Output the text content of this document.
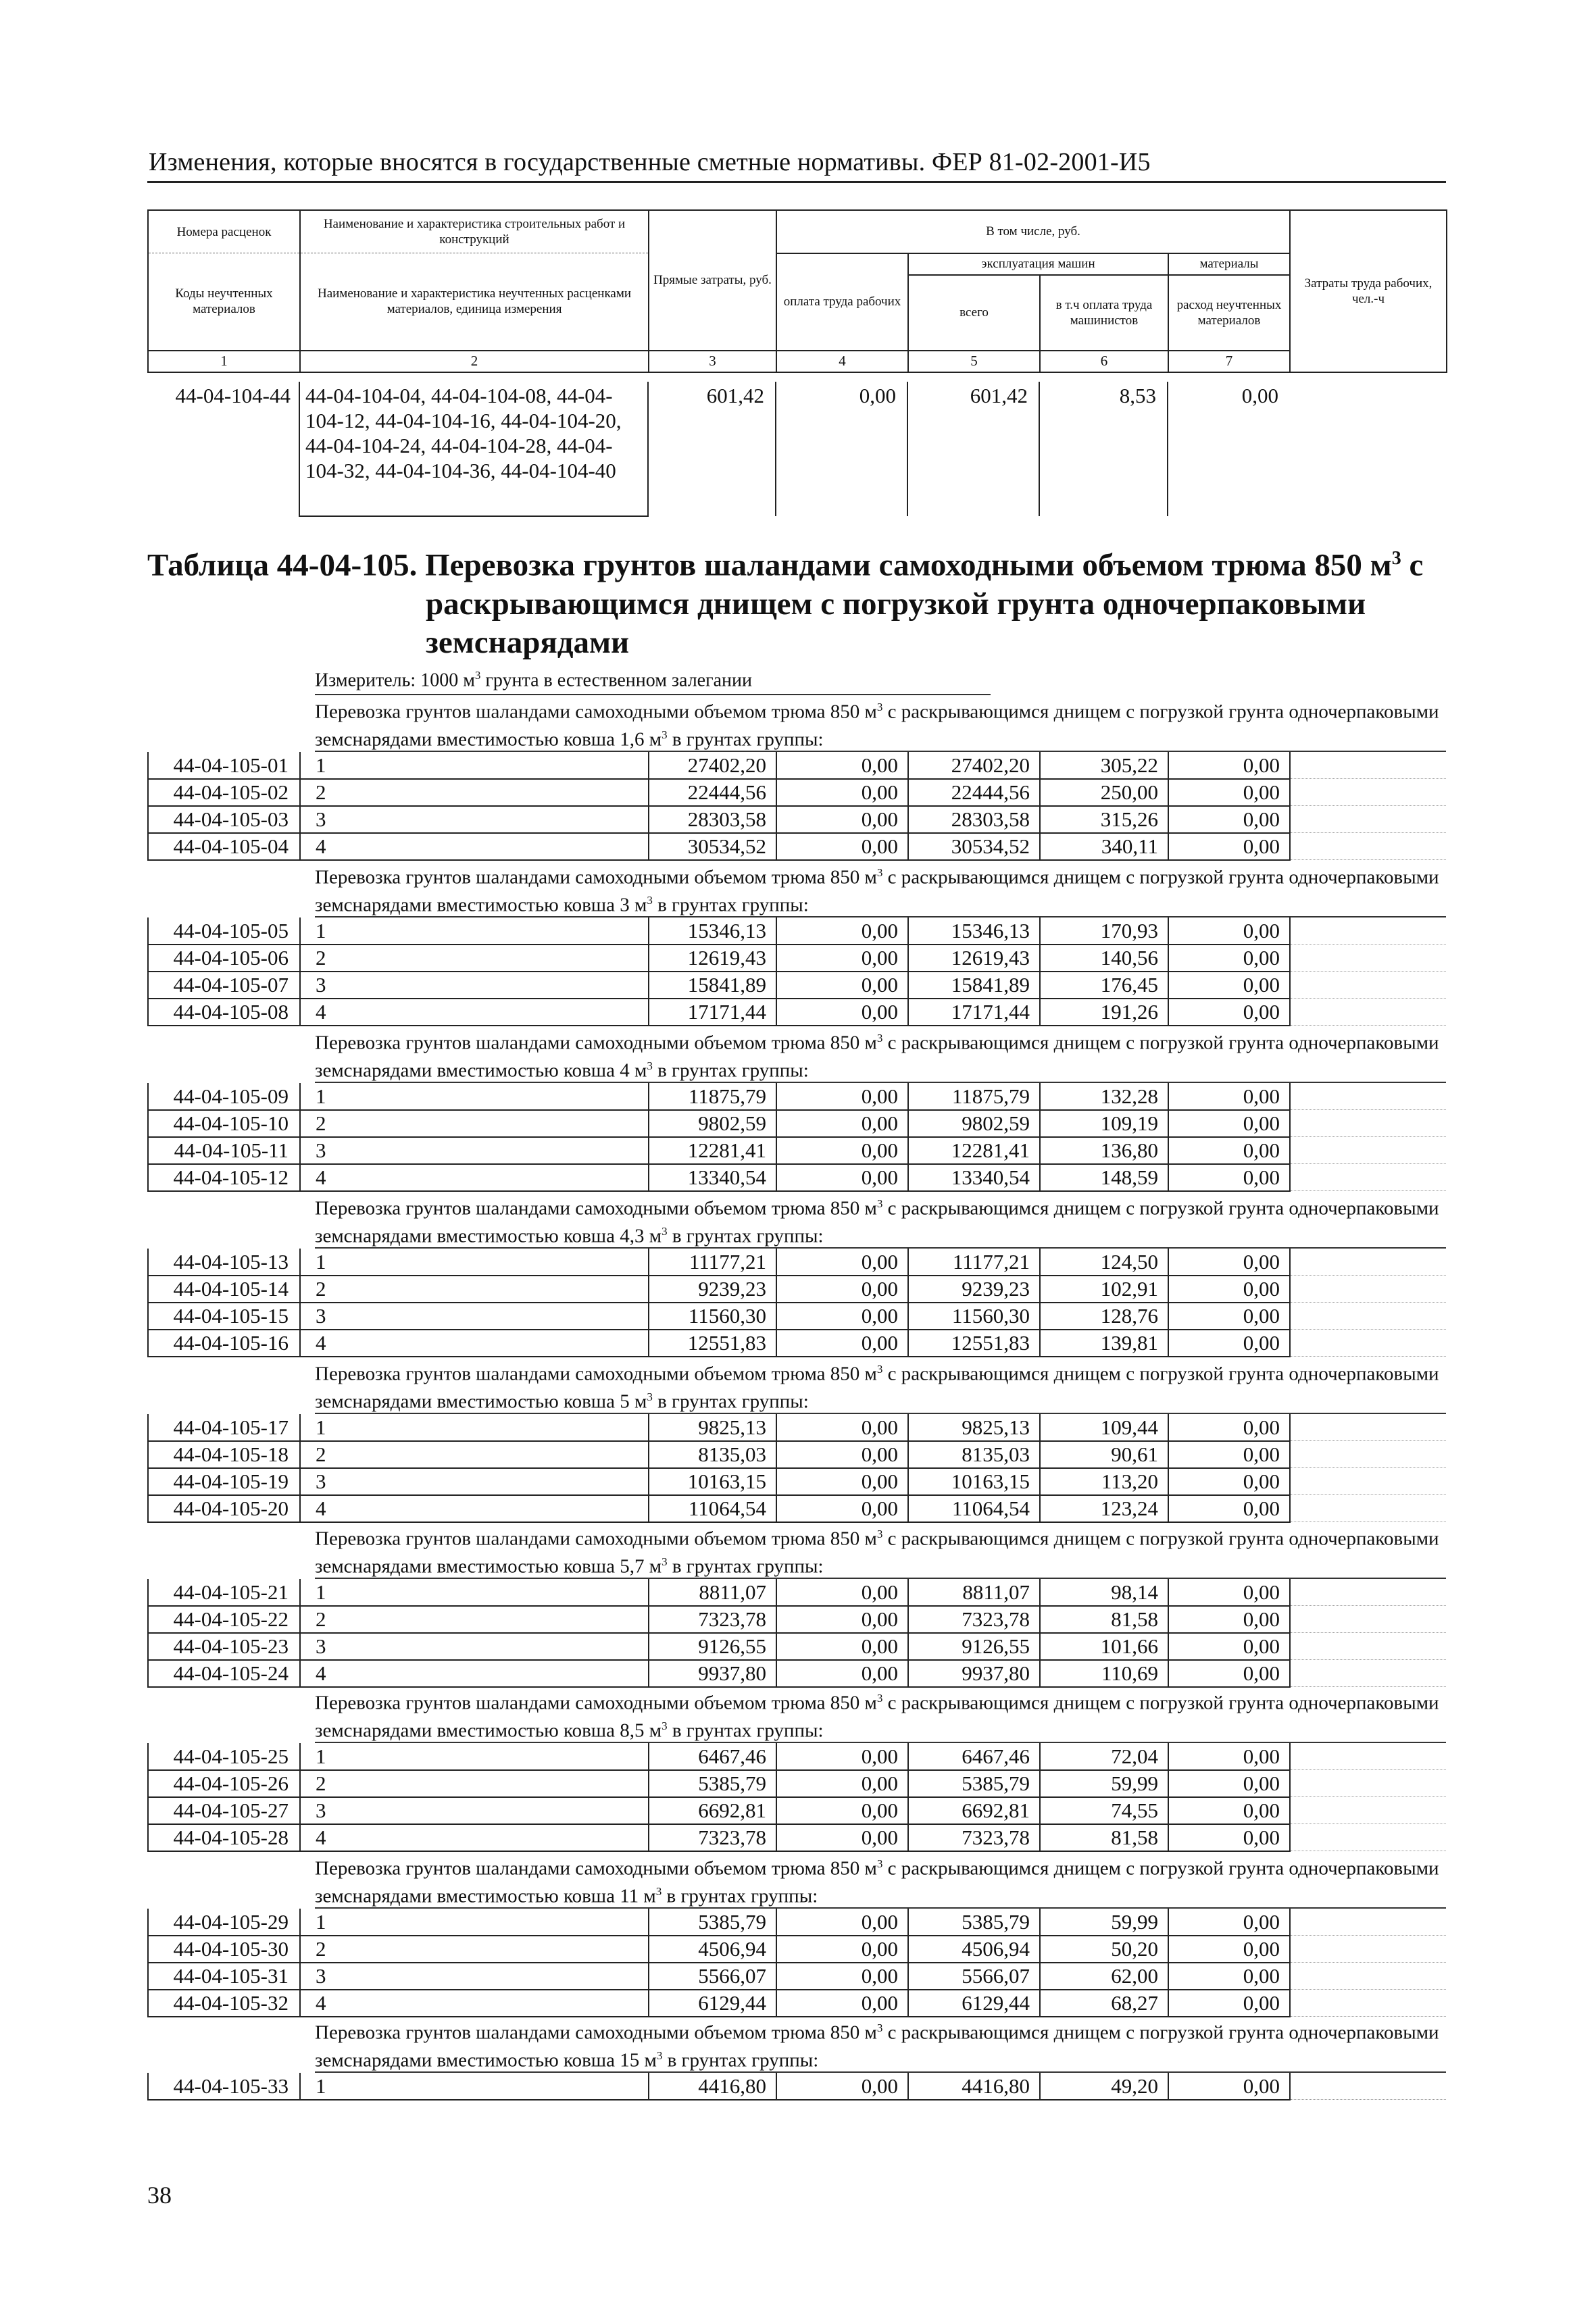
Изменения, которые вносятся в государственные сметные нормативы. ФЕР 81-02-2001-И5
Номера расценок	Наименование и характеристика строительных работ и конструкций	Прямые затраты, руб.	В том числе, руб.				Затраты труда рабочих, чел.-ч
Коды неучтенных материалов	Наименование и характеристика неучтенных расценками материалов, единица измерения		оплата труда рабочих	эксплуатация машин		материалы	
				всего	в т.ч оплата труда машинистов	расход неучтенных материалов	
1	2	3	4	5	6	7	
44-04-104-44	44-04-104-04, 44-04-104-08, 44-04-104-12, 44-04-104-16, 44-04-104-20, 44-04-104-24, 44-04-104-28, 44-04-104-32, 44-04-104-36, 44-04-104-40	601,42	0,00	601,42	8,53	0,00	
Таблица 44-04-105. Перевозка грунтов шаландами самоходными объемом трюма 850 $м^3$ с
раскрывающимся днищем с погрузкой грунта одночерпаковыми
земснарядами
Измеритель: 1000 $м^3$ грунта в естественном залегании
Перевозка грунтов шаландами самоходными объемом трюма 850 $м^3$ с раскрывающимся днищем с погрузкой грунта одночерпаковыми земснарядами вместимостью ковша 1,6 $м^3$ в грунтах группы:
44-04-105-01	1	27402,20	0,00	27402,20	305,22	0,00	
44-04-105-02	2	22444,56	0,00	22444,56	250,00	0,00	
44-04-105-03	3	28303,58	0,00	28303,58	315,26	0,00	
44-04-105-04	4	30534,52	0,00	30534,52	340,11	0,00	
Перевозка грунтов шаландами самоходными объемом трюма 850 $м^3$ с раскрывающимся днищем с погрузкой грунта одночерпаковыми земснарядами вместимостью ковша 3 $м^3$ в грунтах группы:
44-04-105-05	1	15346,13	0,00	15346,13	170,93	0,00	
44-04-105-06	2	12619,43	0,00	12619,43	140,56	0,00	
44-04-105-07	3	15841,89	0,00	15841,89	176,45	0,00	
44-04-105-08	4	17171,44	0,00	17171,44	191,26	0,00	
Перевозка грунтов шаландами самоходными объемом трюма 850 $м^3$ с раскрывающимся днищем с погрузкой грунта одночерпаковыми земснарядами вместимостью ковша 4 $м^3$ в грунтах группы:
44-04-105-09	1	11875,79	0,00	11875,79	132,28	0,00	
44-04-105-10	2	9802,59	0,00	9802,59	109,19	0,00	
44-04-105-11	3	12281,41	0,00	12281,41	136,80	0,00	
44-04-105-12	4	13340,54	0,00	13340,54	148,59	0,00	
Перевозка грунтов шаландами самоходными объемом трюма 850 $м^3$ с раскрывающимся днищем с погрузкой грунта одночерпаковыми земснарядами вместимостью ковша 4,3 $м^3$ в грунтах группы:
44-04-105-13	1	11177,21	0,00	11177,21	124,50	0,00	
44-04-105-14	2	9239,23	0,00	9239,23	102,91	0,00	
44-04-105-15	3	11560,30	0,00	11560,30	128,76	0,00	
44-04-105-16	4	12551,83	0,00	12551,83	139,81	0,00	
Перевозка грунтов шаландами самоходными объемом трюма 850 $м^3$ с раскрывающимся днищем с погрузкой грунта одночерпаковыми земснарядами вместимостью ковша 5 $м^3$ в грунтах группы:
44-04-105-17	1	9825,13	0,00	9825,13	109,44	0,00	
44-04-105-18	2	8135,03	0,00	8135,03	90,61	0,00	
44-04-105-19	3	10163,15	0,00	10163,15	113,20	0,00	
44-04-105-20	4	11064,54	0,00	11064,54	123,24	0,00	
Перевозка грунтов шаландами самоходными объемом трюма 850 $м^3$ с раскрывающимся днищем с погрузкой грунта одночерпаковыми земснарядами вместимостью ковша 5,7 $м^3$ в грунтах группы:
44-04-105-21	1	8811,07	0,00	8811,07	98,14	0,00	
44-04-105-22	2	7323,78	0,00	7323,78	81,58	0,00	
44-04-105-23	3	9126,55	0,00	9126,55	101,66	0,00	
44-04-105-24	4	9937,80	0,00	9937,80	110,69	0,00	
Перевозка грунтов шаландами самоходными объемом трюма 850 $м^3$ с раскрывающимся днищем с погрузкой грунта одночерпаковыми земснарядами вместимостью ковша 8,5 $м^3$ в грунтах группы:
44-04-105-25	1	6467,46	0,00	6467,46	72,04	0,00	
44-04-105-26	2	5385,79	0,00	5385,79	59,99	0,00	
44-04-105-27	3	6692,81	0,00	6692,81	74,55	0,00	
44-04-105-28	4	7323,78	0,00	7323,78	81,58	0,00	
Перевозка грунтов шаландами самоходными объемом трюма 850 $м^3$ с раскрывающимся днищем с погрузкой грунта одночерпаковыми земснарядами вместимостью ковша 11 $м^3$ в грунтах группы:
44-04-105-29	1	5385,79	0,00	5385,79	59,99	0,00	
44-04-105-30	2	4506,94	0,00	4506,94	50,20	0,00	
44-04-105-31	3	5566,07	0,00	5566,07	62,00	0,00	
44-04-105-32	4	6129,44	0,00	6129,44	68,27	0,00	
Перевозка грунтов шаландами самоходными объемом трюма 850 $м^3$ с раскрывающимся днищем с погрузкой грунта одночерпаковыми земснарядами вместимостью ковша 15 $м^3$ в грунтах группы:
44-04-105-33	1	4416,80	0,00	4416,80	49,20	0,00	
38
